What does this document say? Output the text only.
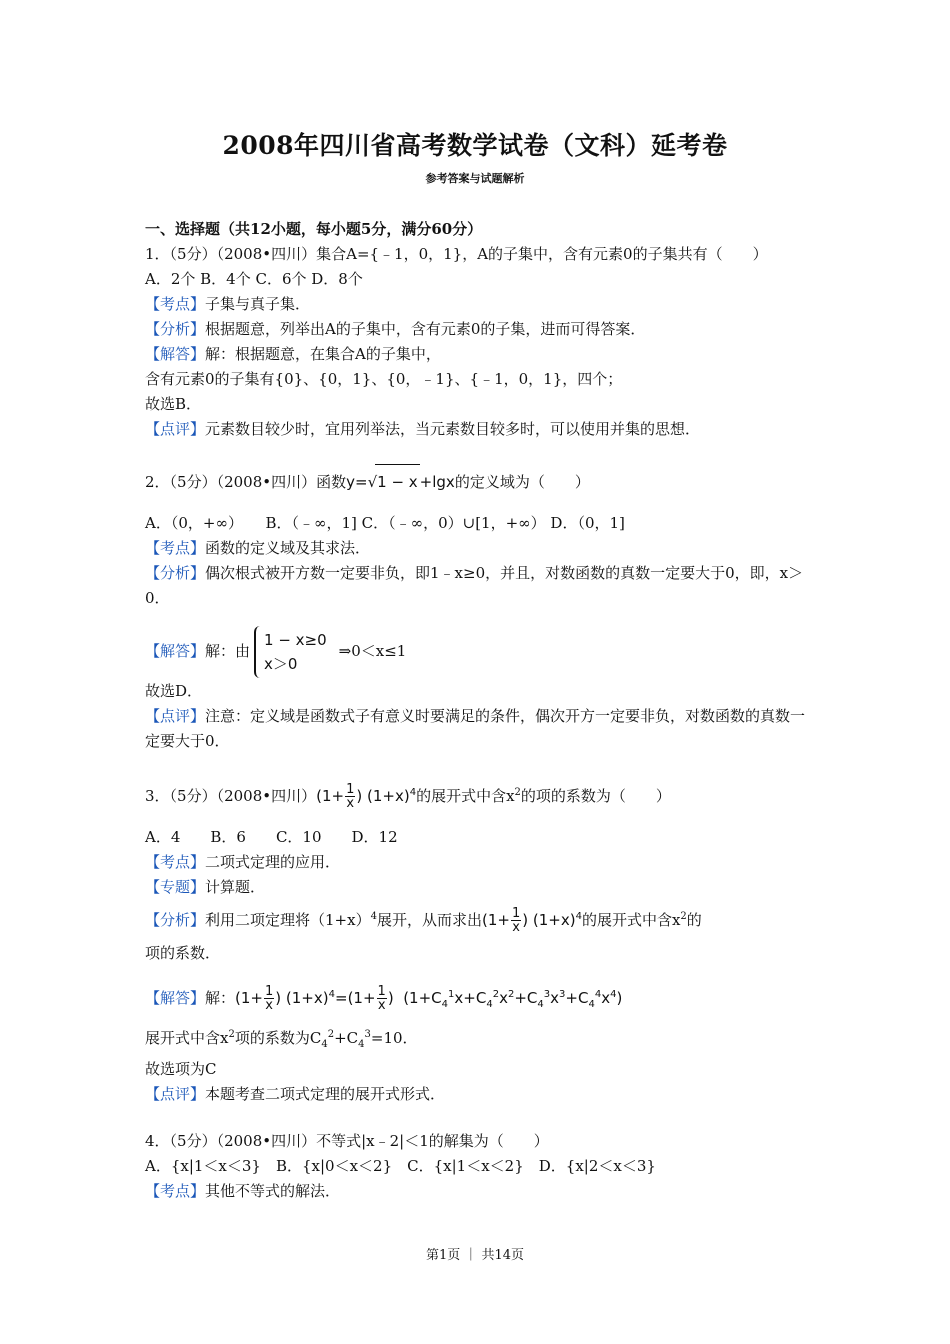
2008年四川省高考数学试卷（文科）延考卷
参考答案与试题解析
一、选择题（共12小题，每小题5分，满分60分）
1．（5分）（2008•四川）集合A={﹣1，0，1}，A的子集中，含有元素0的子集共有（　　）
A．2个 B．4个 C．6个 D．8个
【考点】子集与真子集．
【分析】根据题意，列举出A的子集中，含有元素0的子集，进而可得答案．
【解答】解：根据题意，在集合A的子集中，
含有元素0的子集有{0}、{0，1}、{0，﹣1}、{﹣1，0，1}，四个；
故选B．
【点评】元素数目较少时，宜用列举法，当元素数目较多时，可以使用并集的思想．
2．（5分）（2008•四川）函数y=√1 − x +lgx的定义域为（　　）
A．（0，+∞）　　B．（﹣∞，1] C．（﹣∞，0）∪[1，+∞） D．（0，1]
【考点】函数的定义域及其求法．
【分析】偶次根式被开方数一定要非负，即1﹣x≥0，并且，对数函数的真数一定要大于0，即，x＞0．
【解答】解：由
1 − x≥0
x＞0
⇒0＜x≤1
故选D．
【点评】注意：定义域是函数式子有意义时要满足的条件，偶次开方一定要非负，对数函数的真数一定要大于0．
3．（5分）（2008•四川）($1+ \frac{1}{x}$ ) $(1+x)^4$的展开式中含$x^2$的项的系数为（　　）
A．4　　B．6　　C．10　　D．12
【考点】二项式定理的应用．
【专题】计算题．
【分析】利用二项定理将$(1+x)^4$展开，从而求出($1+ \frac{1}{x}$ ) $(1+x)^4$的展开式中含$x^2$的
项的系数．
【解答】解：($1+ \frac{1}{x}$ ) $(1+x)^4=(1+ \frac{1}{x}$ )  $(1+C_4^1x+C_4^2x^2+C_4^3x^3+C_4^4x^4)$
展开式中含$x^2$项的系数为$C_4^2+C_4^3=10$．
故选项为C
【点评】本题考查二项式定理的展开式形式．
4．（5分）（2008•四川）不等式|x﹣2|＜1的解集为（　　）
A．{x|1＜x＜3}　B．{x|0＜x＜2}　C．{x|1＜x＜2}　D．{x|2＜x＜3}
【考点】其他不等式的解法．
第1页 ｜ 共14页
